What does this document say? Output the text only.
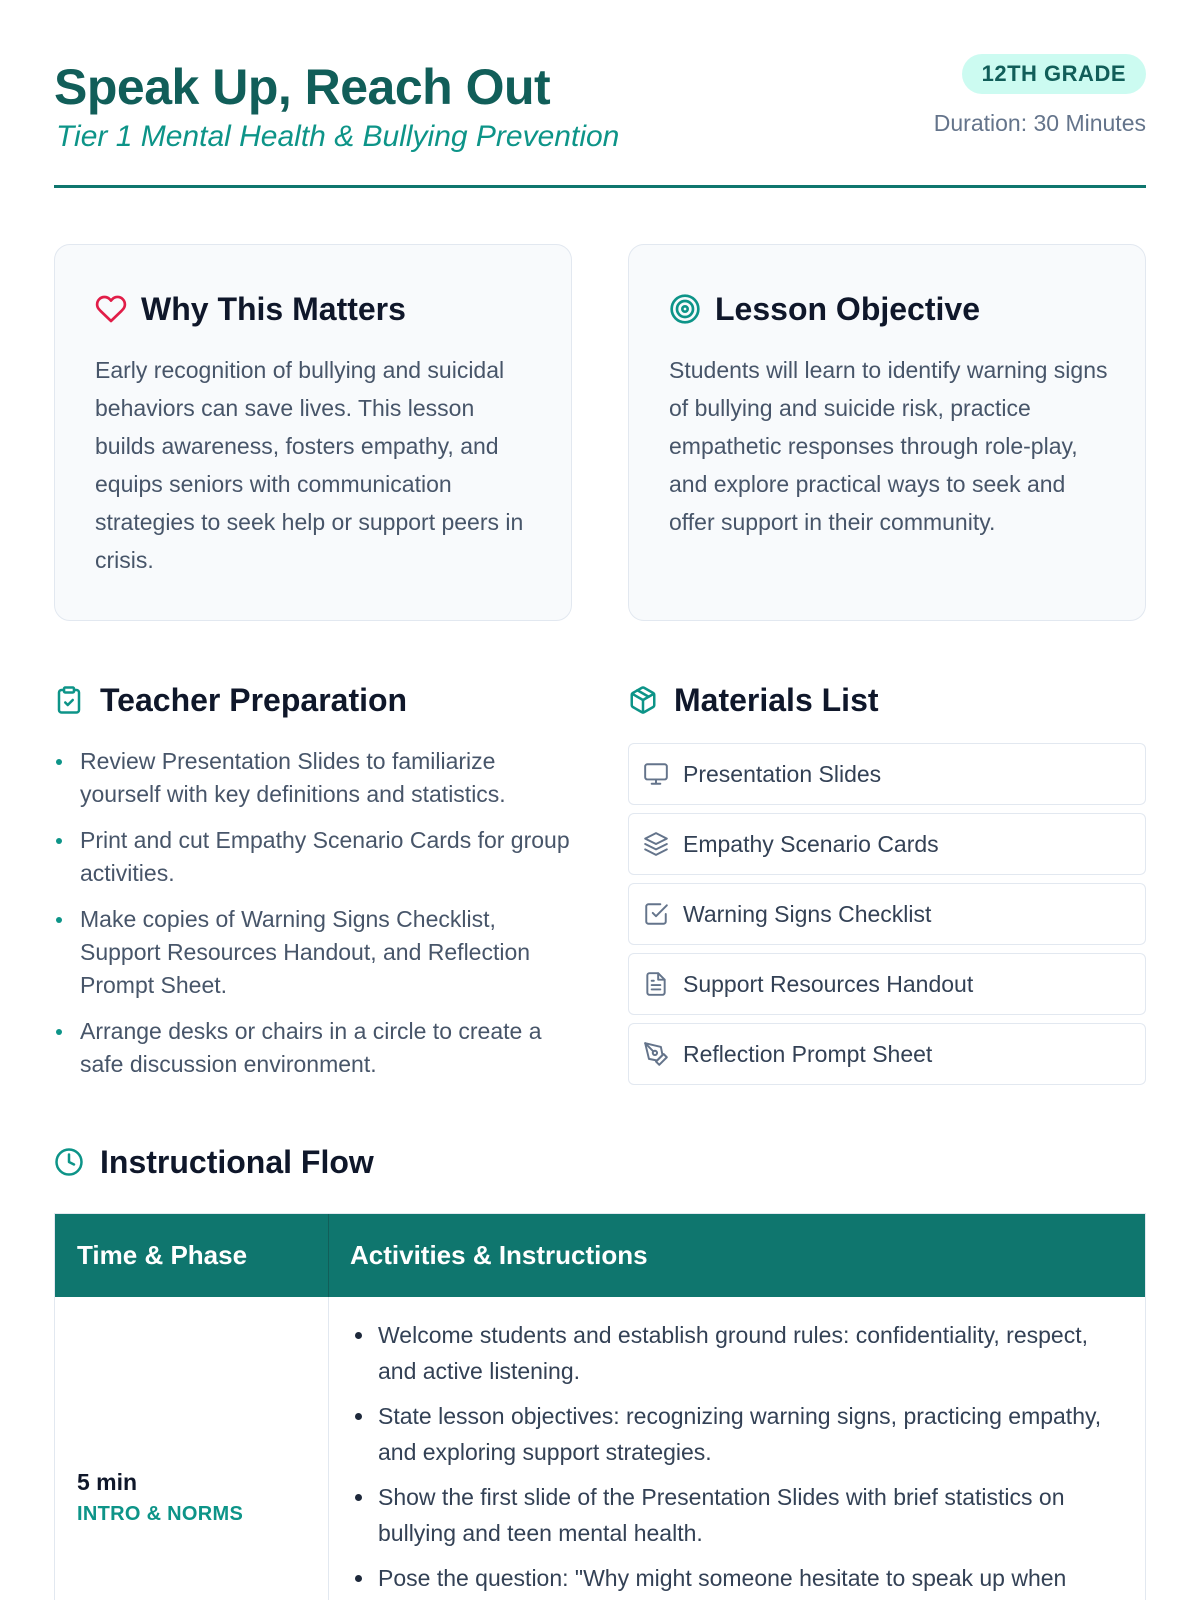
Speak Up, Reach Out
Tier 1 Mental Health & Bullying Prevention
12TH GRADE
Duration: 30 Minutes
Why This Matters
Early recognition of bullying and suicidal behaviors can save lives. This lesson builds awareness, fosters empathy, and equips seniors with communication strategies to seek help or support peers in crisis.
Lesson Objective
Students will learn to identify warning signs of bullying and suicide risk, practice empathetic responses through role-play, and explore practical ways to seek and offer support in their community.
Teacher Preparation
Review Presentation Slides to familiarize yourself with key definitions and statistics.
Print and cut Empathy Scenario Cards for group activities.
Make copies of Warning Signs Checklist, Support Resources Handout, and Reflection Prompt Sheet.
Arrange desks or chairs in a circle to create a safe discussion environment.
Materials List
Presentation Slides
Empathy Scenario Cards
Warning Signs Checklist
Support Resources Handout
Reflection Prompt Sheet
Instructional Flow
Time & Phase	Activities & Instructions
5 min
INTRO & NORMS
Welcome students and establish ground rules: confidentiality, respect, and active listening.
State lesson objectives: recognizing warning signs, practicing empathy, and exploring support strategies.
Show the first slide of the Presentation Slides with brief statistics on bullying and teen mental health.
Pose the question: "Why might someone hesitate to speak up when
